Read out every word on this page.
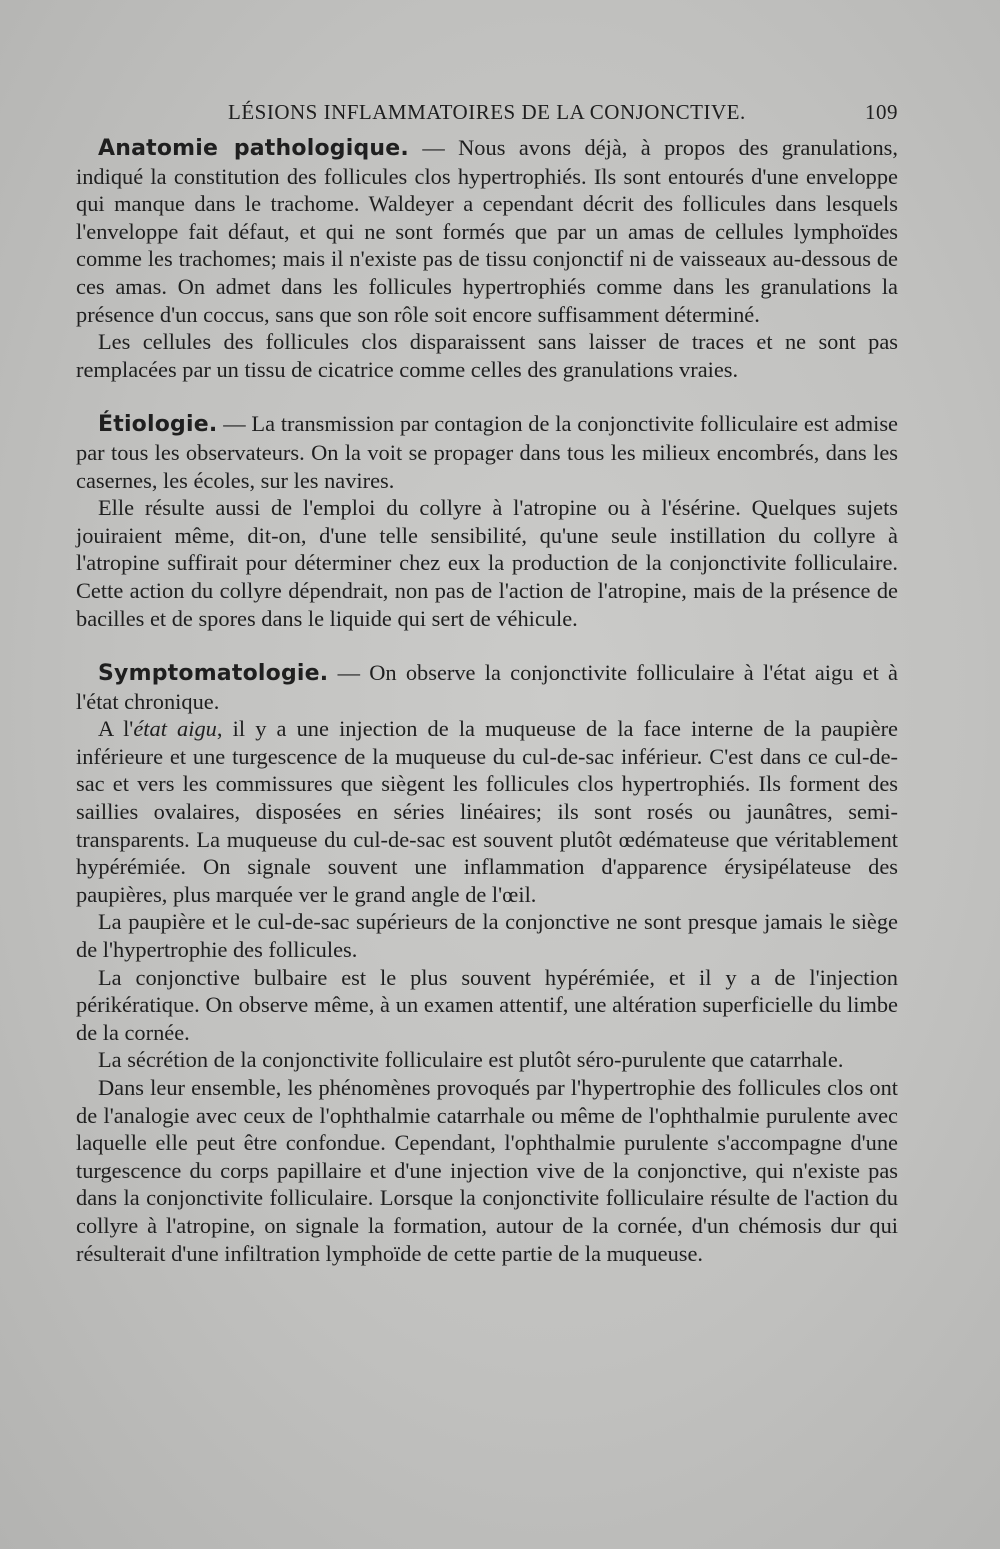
LÉSIONS INFLAMMATOIRES DE LA CONJONCTIVE.	109

Anatomie pathologique. — Nous avons déjà, à propos des granulations, indiqué la constitution des follicules clos hypertrophiés. Ils sont entourés d'une enveloppe qui manque dans le trachome. Waldeyer a cependant décrit des follicules dans lesquels l'enveloppe fait défaut, et qui ne sont formés que par un amas de cellules lymphoïdes comme les trachomes; mais il n'existe pas de tissu conjonctif ni de vaisseaux au-dessous de ces amas. On admet dans les follicules hypertrophiés comme dans les granulations la présence d'un coccus, sans que son rôle soit encore suffisamment déterminé.

Les cellules des follicules clos disparaissent sans laisser de traces et ne sont pas remplacées par un tissu de cicatrice comme celles des granulations vraies.

Étiologie. — La transmission par contagion de la conjonctivite folliculaire est admise par tous les observateurs. On la voit se propager dans tous les milieux encombrés, dans les casernes, les écoles, sur les navires.

Elle résulte aussi de l'emploi du collyre à l'atropine ou à l'ésérine. Quelques sujets jouiraient même, dit-on, d'une telle sensibilité, qu'une seule instillation du collyre à l'atropine suffirait pour déterminer chez eux la production de la conjonctivite folliculaire. Cette action du collyre dépendrait, non pas de l'action de l'atropine, mais de la présence de bacilles et de spores dans le liquide qui sert de véhicule.

Symptomatologie. — On observe la conjonctivite folliculaire à l'état aigu et à l'état chronique.

A l'état aigu, il y a une injection de la muqueuse de la face interne de la paupière inférieure et une turgescence de la muqueuse du cul-de-sac inférieur. C'est dans ce cul-de-sac et vers les commissures que siègent les follicules clos hypertrophiés. Ils forment des saillies ovalaires, disposées en séries linéaires; ils sont rosés ou jaunâtres, semi-transparents. La muqueuse du cul-de-sac est souvent plutôt œdémateuse que véritablement hypérémiée. On signale souvent une inflammation d'apparence érysipélateuse des paupières, plus marquée ver le grand angle de l'œil.

La paupière et le cul-de-sac supérieurs de la conjonctive ne sont presque jamais le siège de l'hypertrophie des follicules.

La conjonctive bulbaire est le plus souvent hypérémiée, et il y a de l'injection périkératique. On observe même, à un examen attentif, une altération superficielle du limbe de la cornée.

La sécrétion de la conjonctivite folliculaire est plutôt séro-purulente que catarrhale.

Dans leur ensemble, les phénomènes provoqués par l'hypertrophie des follicules clos ont de l'analogie avec ceux de l'ophthalmie catarrhale ou même de l'ophthalmie purulente avec laquelle elle peut être confondue. Cependant, l'ophthalmie purulente s'accompagne d'une turgescence du corps papillaire et d'une injection vive de la conjonctive, qui n'existe pas dans la conjonctivite folliculaire. Lorsque la conjonctivite folliculaire résulte de l'action du collyre à l'atropine, on signale la formation, autour de la cornée, d'un chémosis dur qui résulterait d'une infiltration lymphoïde de cette partie de la muqueuse.
